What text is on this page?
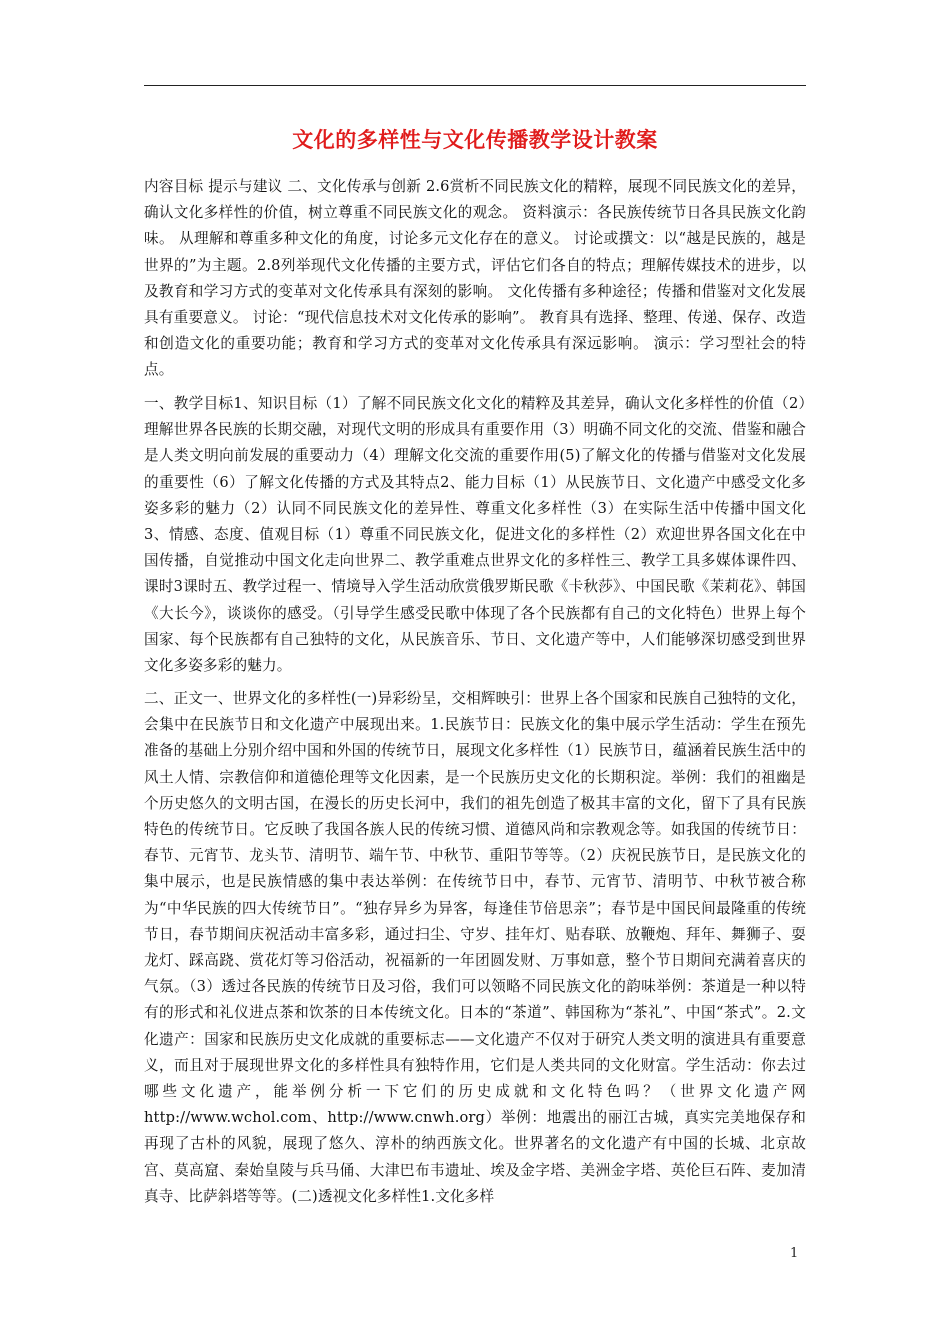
文化的多样性与文化传播教学设计教案
内容目标 提示与建议 二、文化传承与创新 2.6赏析不同民族文化的精粹，展现不同民族文化的差异，确认文化多样性的价值，树立尊重不同民族文化的观念。 资料演示：各民族传统节日各具民族文化韵味。 从理解和尊重多种文化的角度，讨论多元文化存在的意义。 讨论或撰文：以“越是民族的，越是世界的”为主题。2.8列举现代文化传播的主要方式，评估它们各自的特点；理解传媒技术的进步，以及教育和学习方式的变革对文化传承具有深刻的影响。 文化传播有多种途径；传播和借鉴对文化发展具有重要意义。 讨论：“现代信息技术对文化传承的影响”。 教育具有选择、整理、传递、保存、改造和创造文化的重要功能；教育和学习方式的变革对文化传承具有深远影响。 演示：学习型社会的特点。
一、教学目标1、知识目标（1）了解不同民族文化文化的精粹及其差异，确认文化多样性的价值（2）理解世界各民族的长期交融，对现代文明的形成具有重要作用（3）明确不同文化的交流、借鉴和融合是人类文明向前发展的重要动力（4）理解文化交流的重要作用(5)了解文化的传播与借鉴对文化发展的重要性（6）了解文化传播的方式及其特点2、能力目标（1）从民族节日、文化遗产中感受文化多姿多彩的魅力（2）认同不同民族文化的差异性、尊重文化多样性（3）在实际生活中传播中国文化3、情感、态度、值观目标（1）尊重不同民族文化，促进文化的多样性（2）欢迎世界各国文化在中国传播，自觉推动中国文化走向世界二、教学重难点世界文化的多样性三、教学工具多媒体课件四、课时3课时五、教学过程一、情境导入学生活动欣赏俄罗斯民歌《卡秋莎》、中国民歌《茉莉花》、韩国《大长今》，谈谈你的感受。（引导学生感受民歌中体现了各个民族都有自己的文化特色）世界上每个国家、每个民族都有自己独特的文化，从民族音乐、节日、文化遗产等中，人们能够深切感受到世界文化多姿多彩的魅力。
二、正文一、世界文化的多样性(一)异彩纷呈，交相辉映引：世界上各个国家和民族自己独特的文化，会集中在民族节日和文化遗产中展现出来。1.民族节日：民族文化的集中展示学生活动：学生在预先准备的基础上分别介绍中国和外国的传统节日，展现文化多样性（1）民族节日，蕴涵着民族生活中的风土人情、宗教信仰和道德伦理等文化因素，是一个民族历史文化的长期积淀。举例：我们的祖幽是个历史悠久的文明古国，在漫长的历史长河中，我们的祖先创造了极其丰富的文化，留下了具有民族特色的传统节日。它反映了我国各族人民的传统习惯、道德风尚和宗教观念等。如我国的传统节日：春节、元宵节、龙头节、清明节、端午节、中秋节、重阳节等等。（2）庆祝民族节日，是民族文化的集中展示，也是民族情感的集中表达举例：在传统节日中，春节、元宵节、清明节、中秋节被合称为“中华民族的四大传统节日”。“独存异乡为异客，每逢佳节倍思亲”；春节是中国民间最隆重的传统节日，春节期间庆祝活动丰富多彩，通过扫尘、守岁、挂年灯、贴春联、放鞭炮、拜年、舞狮子、耍龙灯、踩高跷、赏花灯等习俗活动，祝福新的一年团圆发财、万事如意，整个节日期间充满着喜庆的气氛。（3）透过各民族的传统节日及习俗，我们可以领略不同民族文化的韵味举例：茶道是一种以特有的形式和礼仪进点茶和饮茶的日本传统文化。日本的“茶道”、韩国称为“茶礼”、中国“茶式”。2.文化遗产：国家和民族历史文化成就的重要标志——文化遗产不仅对于研究人类文明的演进具有重要意义，而且对于展现世界文化的多样性具有独特作用，它们是人类共同的文化财富。学生活动：你去过哪些文化遗产，能举例分析一下它们的历史成就和文化特色吗？（世界文化遗产网http://www.wchol.com、http://www.cnwh.org）举例：地震出的丽江古城，真实完美地保存和再现了古朴的风貌，展现了悠久、淳朴的纳西族文化。世界著名的文化遗产有中国的长城、北京故宫、莫高窟、秦始皇陵与兵马俑、大津巴布韦遗址、埃及金字塔、美洲金字塔、英伦巨石阵、麦加清真寺、比萨斜塔等等。(二)透视文化多样性1.文化多样
1
